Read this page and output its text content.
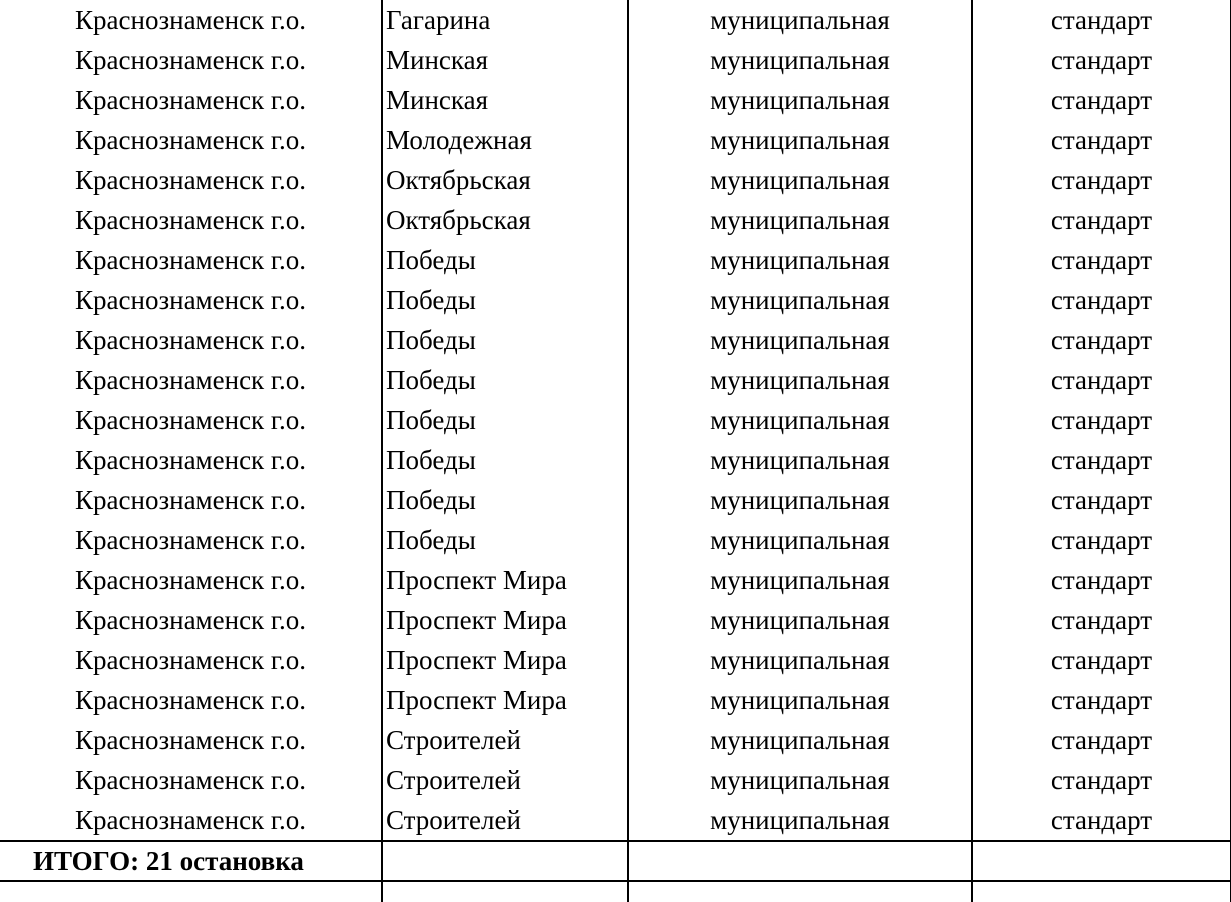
Краснознаменск г.о.	Гагарина	муниципальная	стандарт
Краснознаменск г.о.	Минская	муниципальная	стандарт
Краснознаменск г.о.	Минская	муниципальная	стандарт
Краснознаменск г.о.	Молодежная	муниципальная	стандарт
Краснознаменск г.о.	Октябрьская	муниципальная	стандарт
Краснознаменск г.о.	Октябрьская	муниципальная	стандарт
Краснознаменск г.о.	Победы	муниципальная	стандарт
Краснознаменск г.о.	Победы	муниципальная	стандарт
Краснознаменск г.о.	Победы	муниципальная	стандарт
Краснознаменск г.о.	Победы	муниципальная	стандарт
Краснознаменск г.о.	Победы	муниципальная	стандарт
Краснознаменск г.о.	Победы	муниципальная	стандарт
Краснознаменск г.о.	Победы	муниципальная	стандарт
Краснознаменск г.о.	Победы	муниципальная	стандарт
Краснознаменск г.о.	Проспект Мира	муниципальная	стандарт
Краснознаменск г.о.	Проспект Мира	муниципальная	стандарт
Краснознаменск г.о.	Проспект Мира	муниципальная	стандарт
Краснознаменск г.о.	Проспект Мира	муниципальная	стандарт
Краснознаменск г.о.	Строителей	муниципальная	стандарт
Краснознаменск г.о.	Строителей	муниципальная	стандарт
Краснознаменск г.о.	Строителей	муниципальная	стандарт
ИТОГО: 21 остановка			
